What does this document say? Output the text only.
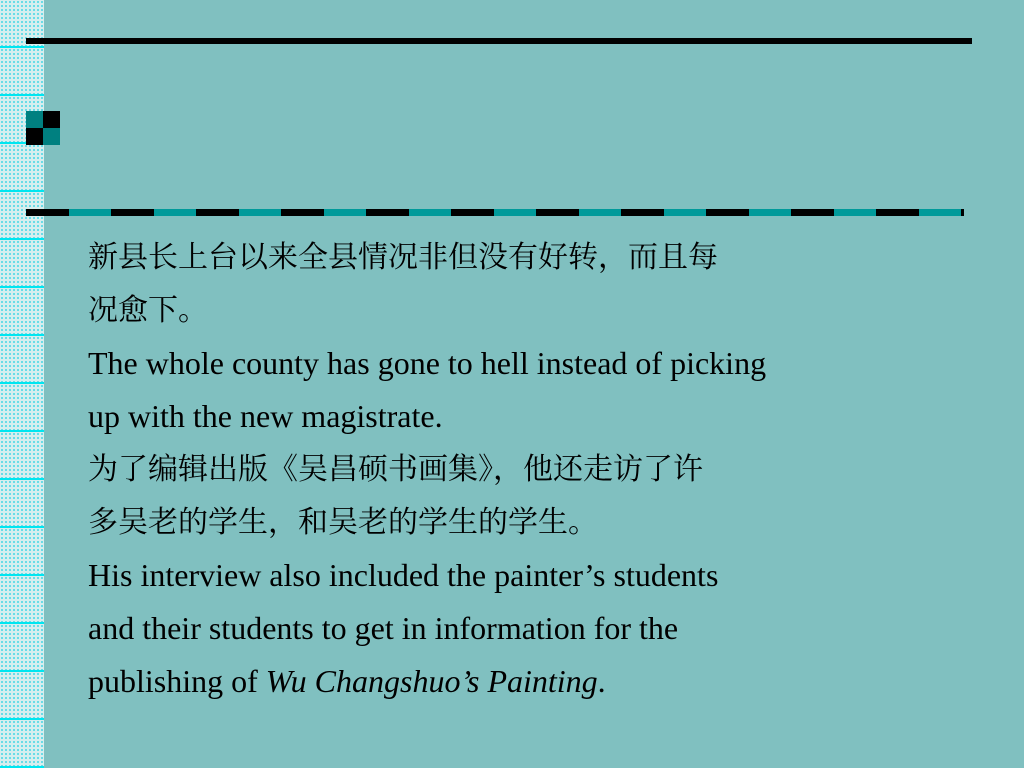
新县长上台以来全县情况非但没有好转，而且每
况愈下。
The whole county has gone to hell instead of picking
up with the new magistrate.
为了编辑出版《吴昌硕书画集》，他还走访了许
多吴老的学生，和吴老的学生的学生。
His interview also included the painter’s students
and their students to get in information for the
publishing of Wu Changshuo’s Painting.
